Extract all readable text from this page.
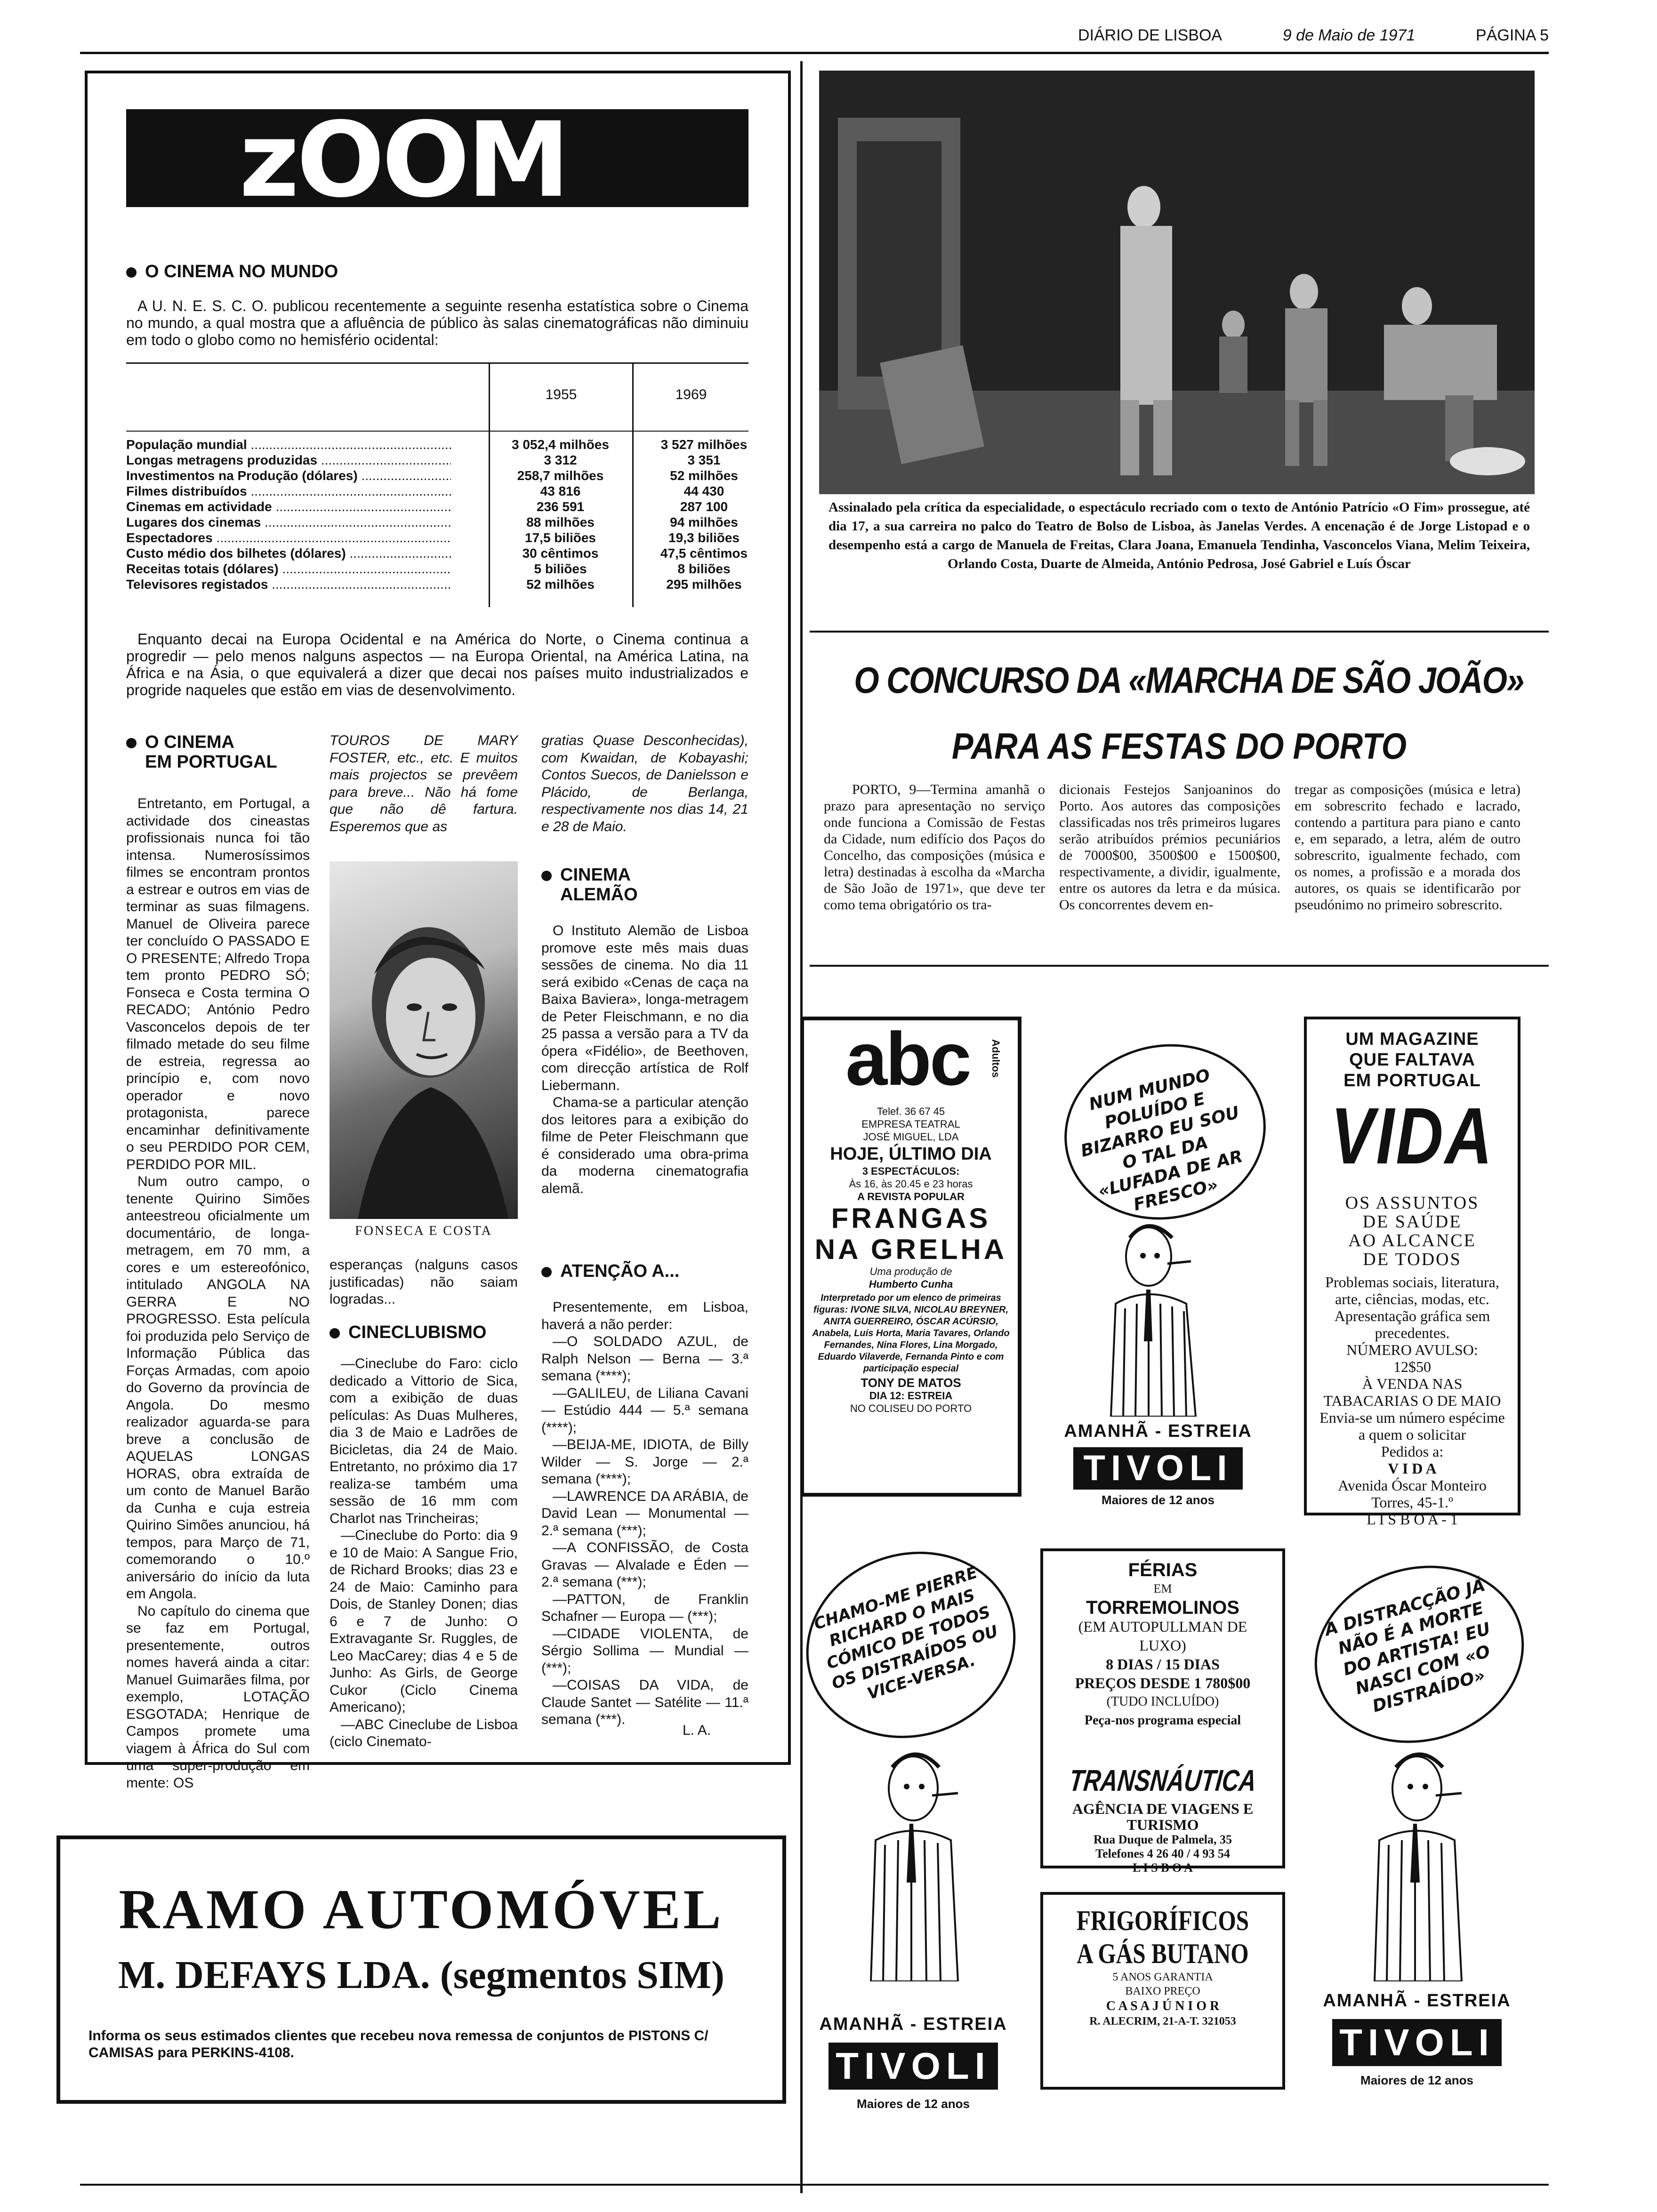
DIÁRIO DE LISBOA	9 de Maio de 1971	PÁGINA 5
zOOM
O CINEMA NO MUNDO
A U. N. E. S. C. O. publicou recentemente a seguinte resenha estatística sobre o Cinema no mundo, a qual mostra que a afluência de público às salas cinematográficas não diminuiu em todo o globo como no hemisfério ocidental:
1955	1969
População mundial .....	3 052,4 milhões	3 527 milhões
Longas metragens produzidas .....	3 312	3 351
Investimentos na Produção (dólares) .....	258,7 milhões	52 milhões
Filmes distribuídos .....	43 816	44 430
Cinemas em actividade .....	236 591	287 100
Lugares dos cinemas .....	88 milhões	94 milhões
Espectadores .....	17,5 biliões	19,3 biliões
Custo médio dos bilhetes (dólares) .....	30 cêntimos	47,5 cêntimos
Receitas totais (dólares) .....	5 biliões	8 biliões
Televisores registados .....	52 milhões	295 milhões
Enquanto decai na Europa Ocidental e na América do Norte, o Cinema continua a progredir — pelo menos nalguns aspectos — na Europa Oriental, na América Latina, na África e na Ásia, o que equivalerá a dizer que decai nos países muito industrializados e progride naqueles que estão em vias de desenvolvimento.
O CINEMA
EM PORTUGAL

Entretanto, em Portugal, a actividade dos cineastas profissionais nunca foi tão intensa. Numerosíssimos filmes se encontram prontos a estrear e outros em vias de terminar as suas filmagens. Manuel de Oliveira parece ter concluído O PASSADO E O PRESENTE; Alfredo Tropa tem pronto PEDRO SÓ; Fonseca e Costa termina O RECADO; António Pedro Vasconcelos depois de ter filmado metade do seu filme de estreia, regressa ao princípio e, com novo operador e novo protagonista, parece encaminhar definitivamente o seu PERDIDO POR CEM, PERDIDO POR MIL.

Num outro campo, o tenente Quirino Simões anteestreou oficialmente um documentário, de longa-metragem, em 70 mm, a cores e um estereofónico, intitulado ANGOLA NA GERRA E NO PROGRESSO. Esta película foi produzida pelo Serviço de Informação Pública das Forças Armadas, com apoio do Governo da província de Angola. Do mesmo realizador aguarda-se para breve a conclusão de AQUELAS LONGAS HORAS, obra extraída de um conto de Manuel Barão da Cunha e cuja estreia Quirino Simões anunciou, há tempos, para Março de 71, comemorando o 10.º aniversário do início da luta em Angola.

No capítulo do cinema que se faz em Portugal, presentemente, outros nomes haverá ainda a citar: Manuel Guimarães filma, por exemplo, LOTAÇÃO ESGOTADA; Henrique de Campos promete uma viagem à África do Sul com uma super-produção em mente: OS

TOUROS DE MARY FOSTER, etc., etc. E muitos mais projectos se prevêem para breve... Não há fome que não dê fartura. Esperemos que as
FONSECA E COSTA
esperanças (nalguns casos justificadas) não saiam logradas...
CINECLUBISMO

—Cineclube do Faro: ciclo dedicado a Vittorio de Sica, com a exibição de duas películas: As Duas Mulheres, dia 3 de Maio e Ladrões de Bicicletas, dia 24 de Maio. Entretanto, no próximo dia 17 realiza-se também uma sessão de 16 mm com Charlot nas Trincheiras;

—Cineclube do Porto: dia 9 e 10 de Maio: A Sangue Frio, de Richard Brooks; dias 23 e 24 de Maio: Caminho para Dois, de Stanley Donen; dias 6 e 7 de Junho: O Extravagante Sr. Ruggles, de Leo MacCarey; dias 4 e 5 de Junho: As Girls, de George Cukor (Ciclo Cinema Americano);

—ABC Cineclube de Lisboa (ciclo Cinemato-

gratias Quase Desconhecidas), com Kwaidan, de Kobayashi; Contos Suecos, de Danielsson e Plácido, de Berlanga, respectivamente nos dias 14, 21 e 28 de Maio.
CINEMA
ALEMÃO

O Instituto Alemão de Lisboa promove este mês mais duas sessões de cinema. No dia 11 será exibido «Cenas de caça na Baixa Baviera», longa-metragem de Peter Fleischmann, e no dia 25 passa a versão para a TV da ópera «Fidélio», de Beethoven, com direcção artística de Rolf Liebermann.

Chama-se a particular atenção dos leitores para a exibição do filme de Peter Fleischmann que é considerado uma obra-prima da moderna cinematografia alemã.

ATENÇÃO A...

Presentemente, em Lisboa, haverá a não perder:

—O SOLDADO AZUL, de Ralph Nelson — Berna — 3.ª semana (****);

—GALILEU, de Liliana Cavani — Estúdio 444 — 5.ª semana (****);

—BEIJA-ME, IDIOTA, de Billy Wilder — S. Jorge — 2.ª semana (****);

—LAWRENCE DA ARÁBIA, de David Lean — Monumental — 2.ª semana (***);

—A CONFISSÃO, de Costa Gravas — Alvalade e Éden — 2.ª semana (***);

—PATTON, de Franklin Schafner — Europa — (***);

—CIDADE VIOLENTA, de Sérgio Sollima — Mundial — (***);

—COISAS DA VIDA, de Claude Santet — Satélite — 11.ª semana (***).

L. A.
RAMO AUTOMÓVEL
M. DEFAYS LDA. (segmentos SIM)
Informa os seus estimados clientes que recebeu nova remessa de conjuntos de PISTONS C/ CAMISAS para PERKINS-4108.
Assinalado pela crítica da especialidade, o espectáculo recriado com o texto de António Patrício «O Fim» prossegue, até dia 17, a sua carreira no palco do Teatro de Bolso de Lisboa, às Janelas Verdes. A encenação é de Jorge Listopad e o desempenho está a cargo de Manuela de Freitas, Clara Joana, Emanuela Tendinha, Vasconcelos Viana, Melim Teixeira, Orlando Costa, Duarte de Almeida, António Pedrosa, José Gabriel e Luís Óscar
O CONCURSO DA «MARCHA DE SÃO JOÃO»
PARA AS FESTAS DO PORTO
PORTO, 9—Termina amanhã o prazo para apresentação no serviço onde funciona a Comissão de Festas da Cidade, num edifício dos Paços do Concelho, das composições (música e letra) destinadas à escolha da «Marcha de São João de 1971», que deve ter como tema obrigatório os tra-
dicionais Festejos Sanjoaninos do Porto. Aos autores das composições classificadas nos três primeiros lugares serão atribuídos prémios pecuniários de 7000$00, 3500$00 e 1500$00, respectivamente, a dividir, igualmente, entre os autores da letra e da música. Os concorrentes devem en-
tregar as composições (música e letra) em sobrescrito fechado e lacrado, contendo a partitura para piano e canto e, em separado, a letra, além de outro sobrescrito, igualmente fechado, com os nomes, a profissão e a morada dos autores, os quais se identificarão por pseudónimo no primeiro sobrescrito.
abc	Adultos
Telef. 36 67 45
EMPRESA TEATRAL
JOSÉ MIGUEL, LDA
HOJE, ÚLTIMO DIA
3 ESPECTÁCULOS:
Às 16, às 20.45 e 23 horas
A REVISTA POPULAR
FRANGAS
NA GRELHA
Uma produção de
Humberto Cunha
Interpretado por um elenco de primeiras figuras: IVONE SILVA, NICOLAU BREYNER, ANITA GUERREIRO, ÓSCAR ACÚRSIO, Anabela, Luís Horta, Maria Tavares, Orlando Fernandes, Nina Flores, Lina Morgado, Eduardo Vilaverde, Fernanda Pinto e com participação especial
TONY DE MATOS
DIA 12: ESTREIA
NO COLISEU DO PORTO
NUM MUNDO POLUÍDO E BIZARRO EU SOU O TAL DA «LUFADA DE AR FRESCO»
AMANHÃ - ESTREIA
TIVOLI
Maiores de 12 anos
UM MAGAZINE
QUE FALTAVA
EM PORTUGAL
VIDA
OS ASSUNTOS
DE SAÚDE
AO ALCANCE
DE TODOS
Problemas sociais, literatura, arte, ciências, modas, etc.
Apresentação gráfica sem precedentes.
NÚMERO AVULSO:
12$50
À VENDA NAS TABACARIAS O DE MAIO
Envia-se um número espécime a quem o solicitar
Pedidos a:
V I D A
Avenida Óscar Monteiro
Torres, 45-1.º
L I S B O A - 1
CHAMO-ME PIERRE RICHARD O MAIS CÓMICO DE TODOS OS DISTRAÍDOS OU VICE-VERSA.
AMANHÃ - ESTREIA
TIVOLI
Maiores de 12 anos
FÉRIAS
EM
TORREMOLINOS
(EM AUTOPULLMAN DE LUXO)
8 DIAS / 15 DIAS
PREÇOS DESDE 1 780$00
(TUDO INCLUÍDO)
Peça-nos programa especial
TRANSNÁUTICA
AGÊNCIA DE VIAGENS E TURISMO
Rua Duque de Palmela, 35
Telefones 4 26 40 / 4 93 54
L I S B O A
FRIGORÍFICOS
A GÁS BUTANO
5 ANOS GARANTIA
BAIXO PREÇO
C A S A J Ú N I O R
R. ALECRIM, 21-A-T. 321053
A DISTRACÇÃO JÁ NÃO É A MORTE DO ARTISTA! EU NASCI COM «O DISTRAÍDO»
AMANHÃ - ESTREIA
TIVOLI
Maiores de 12 anos
